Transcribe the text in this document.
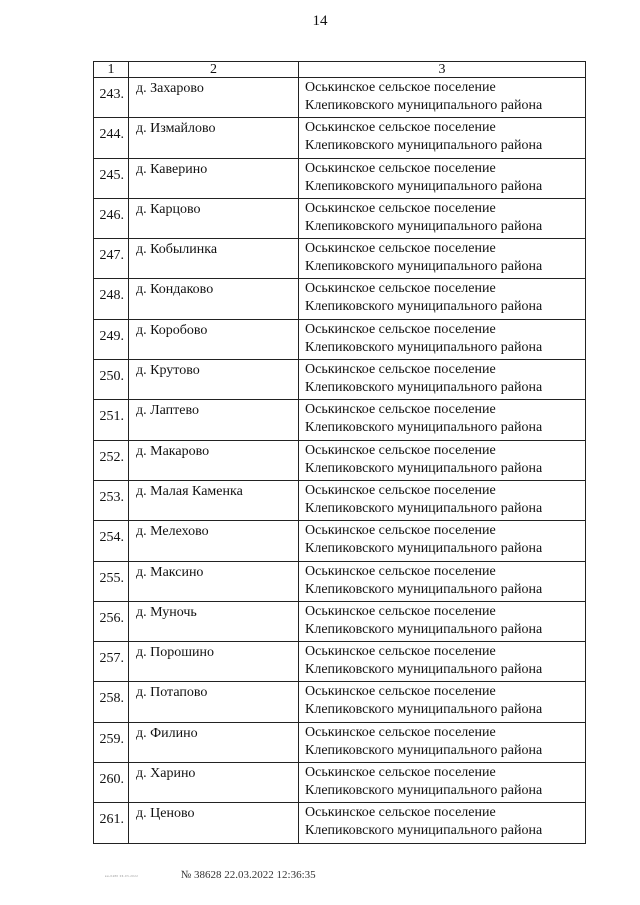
14
1	2	3

243.	д. Захарово	Оськинское сельское поселение
Клепиковского муниципального района

244.	д. Измайлово	Оськинское сельское поселение
Клепиковского муниципального района

245.	д. Каверино	Оськинское сельское поселение
Клепиковского муниципального района

246.	д. Карцово	Оськинское сельское поселение
Клепиковского муниципального района

247.	д. Кобылинка	Оськинское сельское поселение
Клепиковского муниципального района

248.	д. Кондаково	Оськинское сельское поселение
Клепиковского муниципального района

249.	д. Коробово	Оськинское сельское поселение
Клепиковского муниципального района

250.	д. Крутово	Оськинское сельское поселение
Клепиковского муниципального района

251.	д. Лаптево	Оськинское сельское поселение
Клепиковского муниципального района

252.	д. Макарово	Оськинское сельское поселение
Клепиковского муниципального района

253.	д. Малая Каменка	Оськинское сельское поселение
Клепиковского муниципального района

254.	д. Мелехово	Оськинское сельское поселение
Клепиковского муниципального района

255.	д. Максино	Оськинское сельское поселение
Клепиковского муниципального района

256.	д. Муночь	Оськинское сельское поселение
Клепиковского муниципального района

257.	д. Порошино	Оськинское сельское поселение
Клепиковского муниципального района

258.	д. Потапово	Оськинское сельское поселение
Клепиковского муниципального района

259.	д. Филино	Оськинское сельское поселение
Клепиковского муниципального района

260.	д. Харино	Оськинское сельское поселение
Клепиковского муниципального района

261.	д. Ценово	Оськинское сельское поселение
Клепиковского муниципального района
вн-0480 06.03.2022	№ 38628 22.03.2022 12:36:35
